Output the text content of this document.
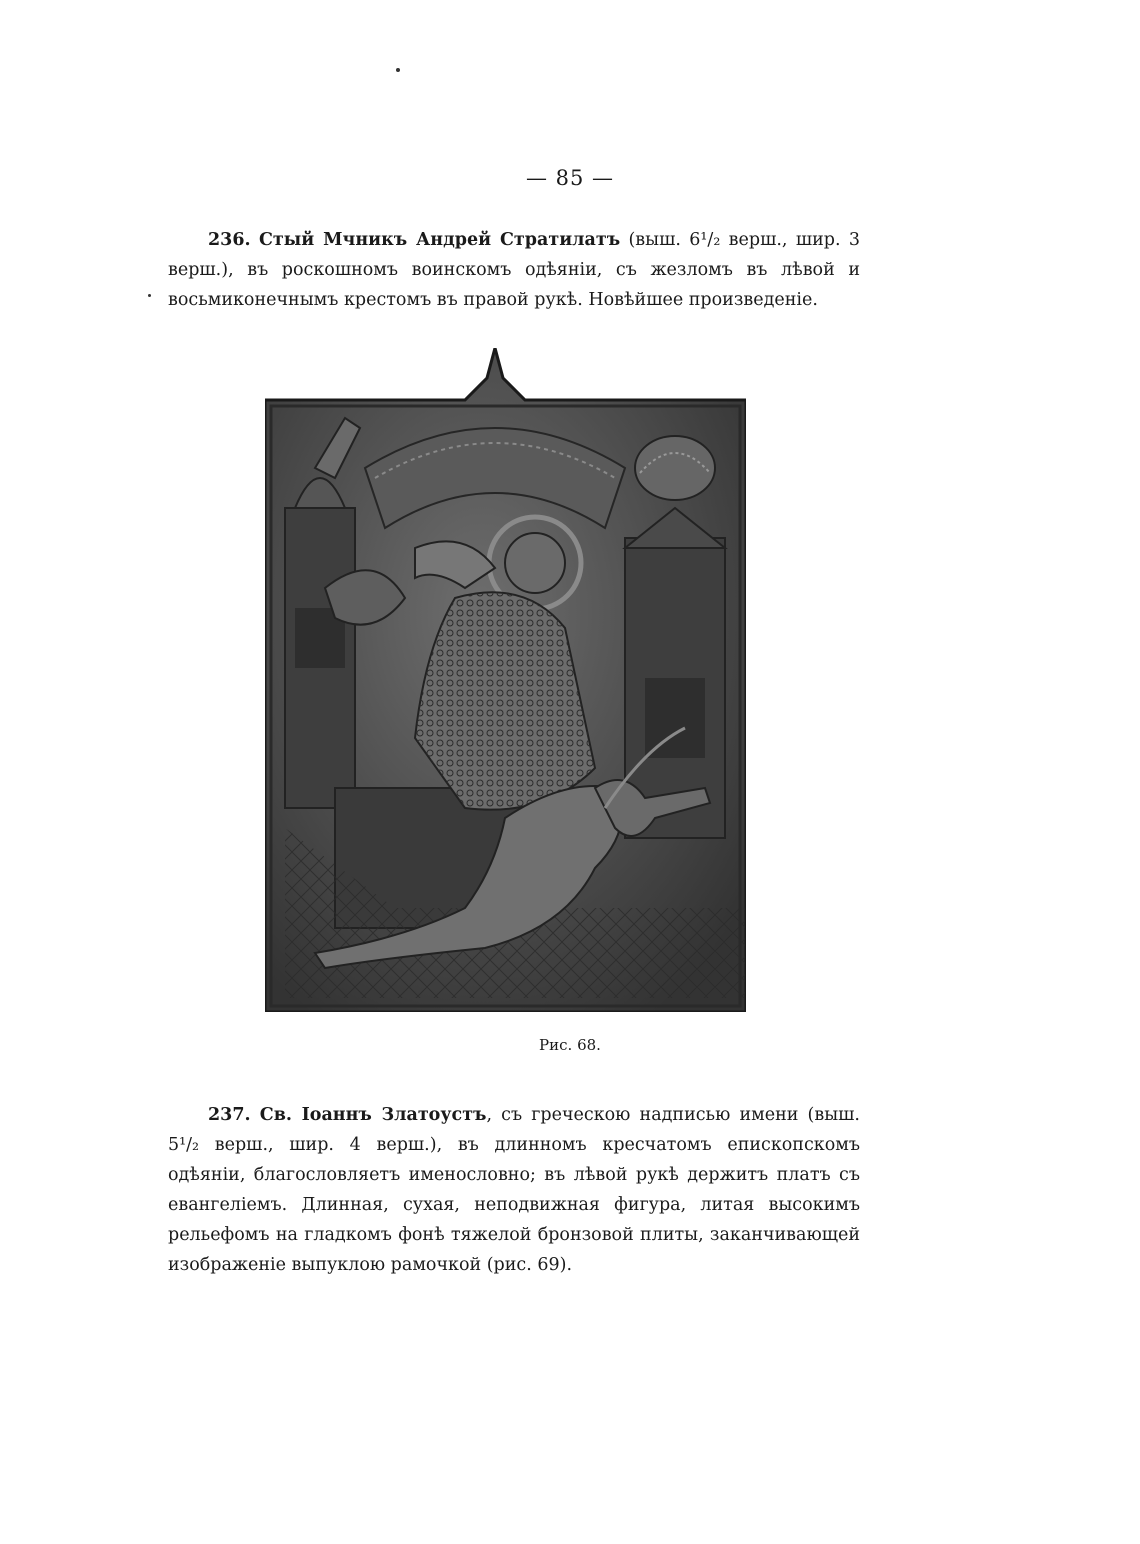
— 85 —

236. Стый Мчникъ Андрей Стратилатъ (выш. 6¹/₂ верш., шир. 3 верш.), въ роскошномъ воинскомъ одѣяніи, съ жезломъ въ лѣвой и восьмиконечнымъ крестомъ въ правой рукѣ. Новѣйшее произведеніе.

Рис. 68.

237. Св. Іоаннъ Златоустъ, съ греческою надписью имени (выш. 5¹/₂ верш., шир. 4 верш.), въ длинномъ кресчатомъ епископскомъ одѣяніи, благословляетъ именословно; въ лѣвой рукѣ держитъ платъ съ евангеліемъ. Длинная, сухая, неподвижная фигура, литая высокимъ рельефомъ на гладкомъ фонѣ тяжелой бронзовой плиты, заканчивающей изображеніе выпуклою рамочкой (рис. 69).
